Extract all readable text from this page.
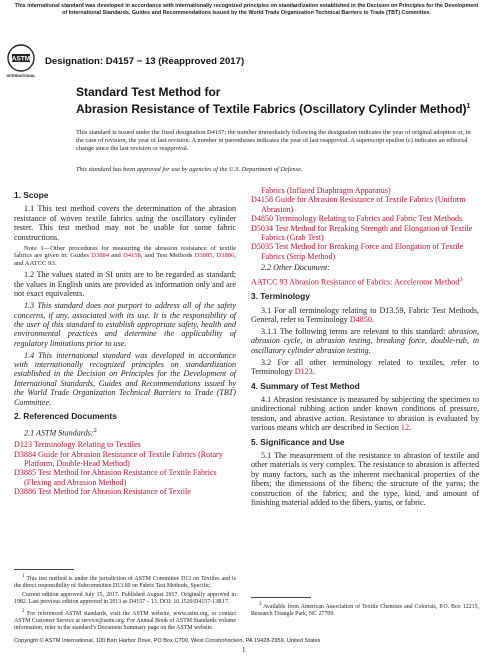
This international standard was developed in accordance with internationally recognized principles on standardization established in the Decision on Principles for the Development of International Standards, Guides and Recommendations issued by the World Trade Organization Technical Barriers to Trade (TBT) Committee.
ASTM
INTERNATIONAL
Designation: D4157 − 13 (Reapproved 2017)
Standard Test Method for
Abrasion Resistance of Textile Fabrics (Oscillatory Cylinder Method)$^1$
This standard is issued under the fixed designation D4157; the number immediately following the designation indicates the year of original adoption or, in the case of revision, the year of last revision. A number in parentheses indicates the year of last reapproval. A superscript epsilon (ε) indicates an editorial change since the last revision or reapproval.
This standard has been approved for use by agencies of the U.S. Department of Defense.

1. Scope

1.1 This test method covers the determination of the abrasion resistance of woven textile fabrics using the oscillatory cylinder tester. This test method may not be usable for some fabric constructions.

Note 1—Other procedures for measuring the abrasion resistance of textile fabrics are given in: Guides D3884 and D4158, and Test Methods D3885, D3886, and AATCC 93.

1.2 The values stated in SI units are to be regarded as standard; the values in English units are provided as information only and are not exact equivalents.

1.3 This standard does not purport to address all of the safety concerns, if any, associated with its use. It is the responsibility of the user of this standard to establish appropriate safety, health and environmental practices and determine the applicability of regulatory limitations prior to use.

1.4 This international standard was developed in accordance with internationally recognized principles on standardization established in the Decision on Principles for the Development of International Standards, Guides and Recommendations issued by the World Trade Organization Technical Barriers to Trade (TBT) Committee.

2. Referenced Documents

2.1 ASTM Standards:$^2$

D123 Terminology Relating to Textiles

D3884 Guide for Abrasion Resistance of Textile Fabrics (Rotary Platform, Double-Head Method)

D3885 Test Method for Abrasion Resistance of Textile Fabrics (Flexing and Abrasion Method)

D3886 Test Method for Abrasion Resistance of Textile

$^1$ This test method is under the jurisdiction of ASTM Committee D13 on Textiles and is the direct responsibility of Subcommittee D13.60 on Fabric Test Methods, Specific.

Current edition approved July 15, 2017. Published August 2017. Originally approved in 1982. Last previous edition approved in 2013 as D4157 – 13. DOI: 10.1520/D4157-13R17.

$^2$ For referenced ASTM standards, visit the ASTM website, www.astm.org, or contact ASTM Customer Service at service@astm.org. For Annual Book of ASTM Standards volume information, refer to the standard’s Document Summary page on the ASTM website.

Fabrics (Inflated Diaphragm Apparatus)

D4158 Guide for Abrasion Resistance of Textile Fabrics (Uniform Abrasion)

D4850 Terminology Relating to Fabrics and Fabric Test Methods

D5034 Test Method for Breaking Strength and Elongation of Textile Fabrics (Grab Test)

D5035 Test Method for Breaking Force and Elongation of Textile Fabrics (Strip Method)

2.2 Other Document:

AATCC 93 Abrasion Resistance of Fabrics: Accelerotor Method$^3$

3. Terminology

3.1 For all terminology relating to D13.59, Fabric Test Methods, General, refer to Terminology D4850.

3.1.1 The following terms are relevant to this standard: abrasion, abrasion cycle, in abrasion testing, breaking force, double-rub, in oscillatory cylinder abrasion testing.

3.2 For all other terminology related to textiles, refer to Terminology D123.

4. Summary of Test Method

4.1 Abrasion resistance is measured by subjecting the specimen to unidirectional rubbing action under known conditions of pressure, tension, and abrasive action. Resistance to abrasion is evaluated by various means which are described in Section 12.

5. Significance and Use

5.1 The measurement of the resistance to abrasion of textile and other materials is very complex. The resistance to abrasion is affected by many factors, such as the inherent mechanical properties of the fibers; the dimensions of the fibers; the structure of the yarns; the construction of the fabrics; and the type, kind, and amount of finishing material added to the fibers, yarns, or fabric.

$^3$ Available from American Association of Textile Chemists and Colorists, P.O. Box 12215, Research Triangle Park, NC 27709.

Copyright © ASTM International, 100 Barr Harbor Drive, PO Box C700, West Conshohocken, PA 19428-2959. United States
1
